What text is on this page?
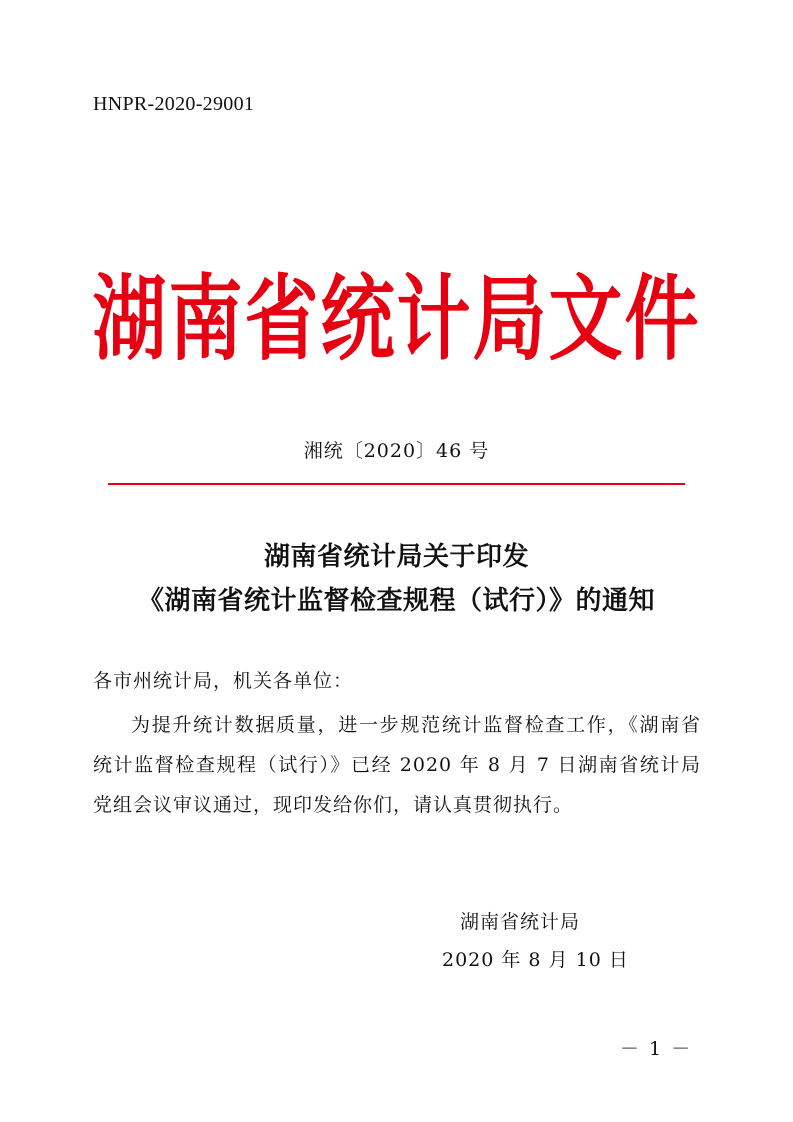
HNPR-2020-29001
湖南省统计局文件
湘统〔2020〕46 号
湖南省统计局关于印发
《湖南省统计监督检查规程（试行）》的通知
各市州统计局，机关各单位：

为提升统计数据质量，进一步规范统计监督检查工作，《湖南省统计监督检查规程（试行）》已经 2020 年 8 月 7 日湖南省统计局党组会议审议通过，现印发给你们，请认真贯彻执行。

湖南省统计局
2020 年 8 月 10 日
－ 1 －
